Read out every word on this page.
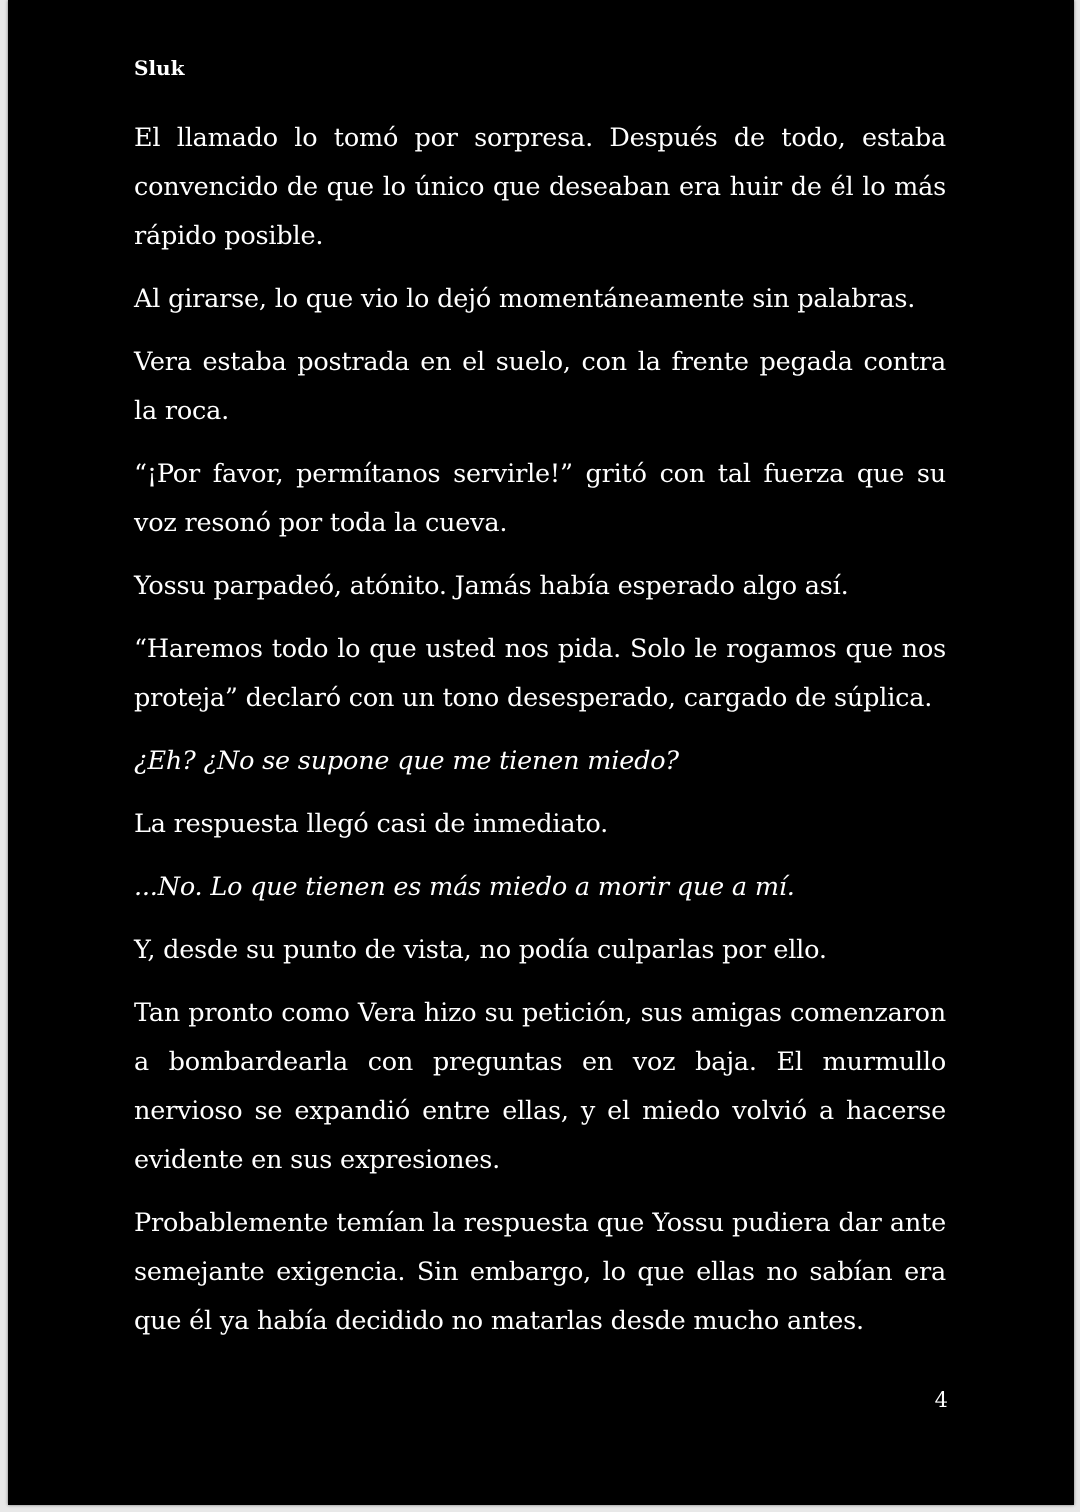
Sluk

El llamado lo tomó por sorpresa. Después de todo, estaba convencido de que lo único que deseaban era huir de él lo más rápido posible.

Al girarse, lo que vio lo dejó momentáneamente sin palabras.

Vera estaba postrada en el suelo, con la frente pegada contra la roca.

“¡Por favor, permítanos servirle!” gritó con tal fuerza que su voz resonó por toda la cueva.

Yossu parpadeó, atónito. Jamás había esperado algo así.

“Haremos todo lo que usted nos pida. Solo le rogamos que nos proteja” declaró con un tono desesperado, cargado de súplica.

¿Eh? ¿No se supone que me tienen miedo?

La respuesta llegó casi de inmediato.

...No. Lo que tienen es más miedo a morir que a mí.

Y, desde su punto de vista, no podía culparlas por ello.

Tan pronto como Vera hizo su petición, sus amigas comenzaron a bombardearla con preguntas en voz baja. El murmullo nervioso se expandió entre ellas, y el miedo volvió a hacerse evidente en sus expresiones.

Probablemente temían la respuesta que Yossu pudiera dar ante semejante exigencia. Sin embargo, lo que ellas no sabían era que él ya había decidido no matarlas desde mucho antes.

4
